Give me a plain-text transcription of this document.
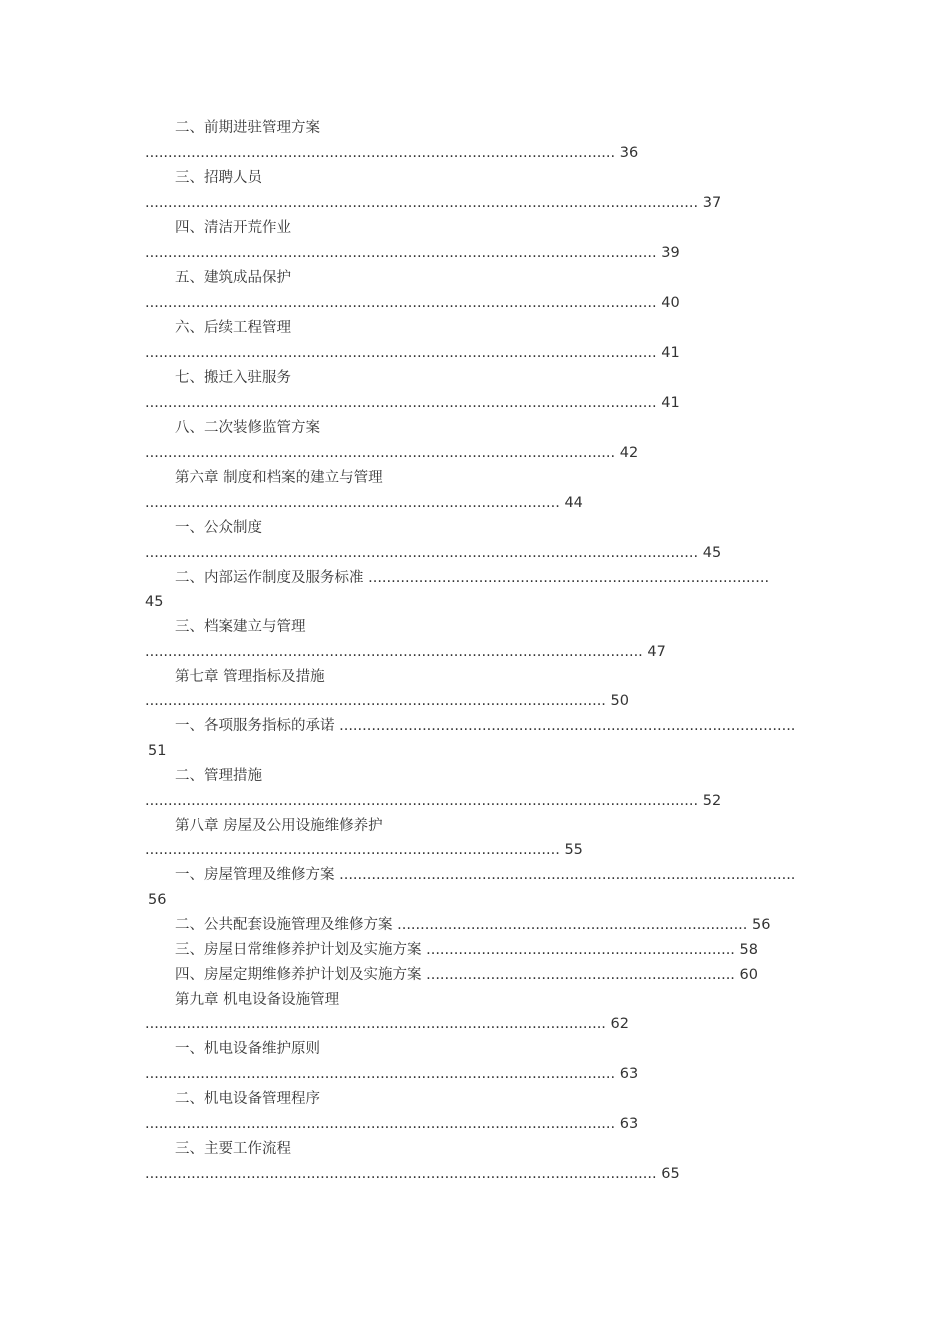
二、前期进驻管理方案
...................................................................................................... 36
三、招聘人员
........................................................................................................................ 37
四、清洁开荒作业
............................................................................................................... 39
五、建筑成品保护
............................................................................................................... 40
六、后续工程管理
............................................................................................................... 41
七、搬迁入驻服务
............................................................................................................... 41
八、二次装修监管方案
...................................................................................................... 42
第六章 制度和档案的建立与管理
.......................................................................................... 44
一、公众制度
........................................................................................................................ 45
二、内部运作制度及服务标准 .......................................................................................
45
三、档案建立与管理
............................................................................................................ 47
第七章 管理指标及措施
.................................................................................................... 50
一、各项服务指标的承诺 ...................................................................................................
51
二、管理措施
........................................................................................................................ 52
第八章 房屋及公用设施维修养护
.......................................................................................... 55
一、房屋管理及维修方案 ...................................................................................................
56
二、公共配套设施管理及维修方案 ............................................................................ 56
三、房屋日常维修养护计划及实施方案 ................................................................... 58
四、房屋定期维修养护计划及实施方案 ................................................................... 60
第九章 机电设备设施管理
.................................................................................................... 62
一、机电设备维护原则
...................................................................................................... 63
二、机电设备管理程序
...................................................................................................... 63
三、主要工作流程
............................................................................................................... 65
